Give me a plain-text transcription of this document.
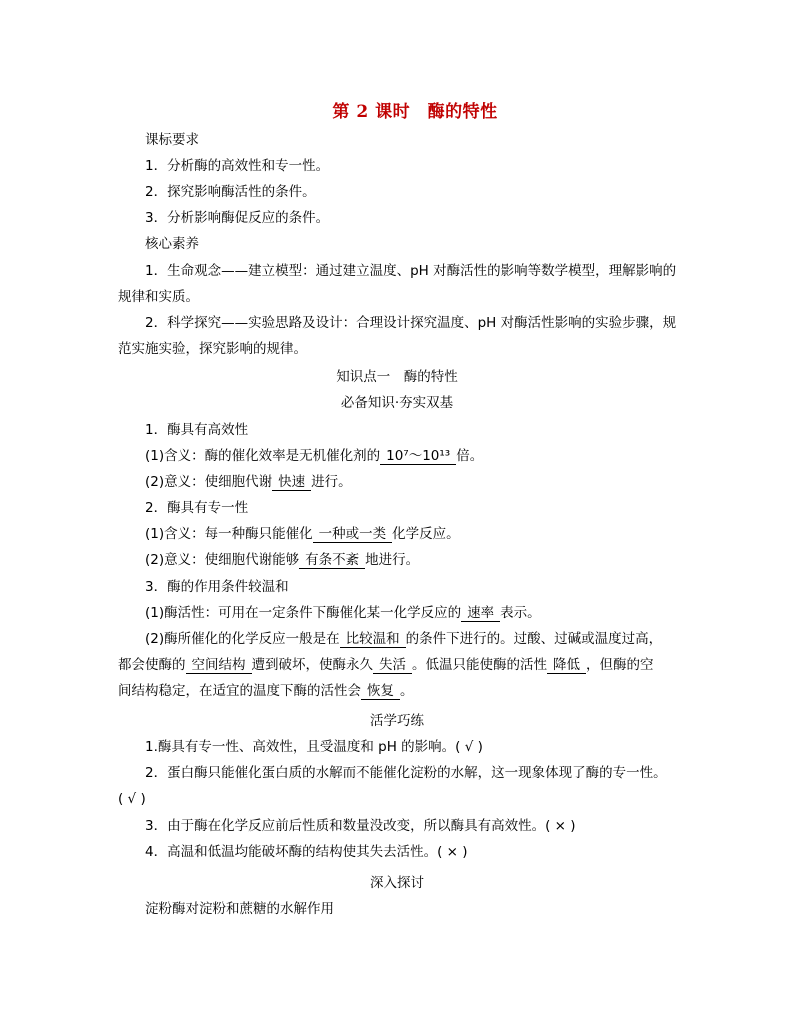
第 2 课时　酶的特性
课标要求
1．分析酶的高效性和专一性。
2．探究影响酶活性的条件。
3．分析影响酶促反应的条件。
核心素养
1．生命观念——建立模型：通过建立温度、pH 对酶活性的影响等数学模型，理解影响的
规律和实质。
2．科学探究——实验思路及设计：合理设计探究温度、pH 对酶活性影响的实验步骤，规
范实施实验，探究影响的规律。
知识点一　酶的特性
必备知识·夯实双基
1．酶具有高效性
(1)含义：酶的催化效率是无机催化剂的 10⁷～10¹³ 倍。
(2)意义：使细胞代谢 快速 进行。
2．酶具有专一性
(1)含义：每一种酶只能催化 一种或一类 化学反应。
(2)意义：使细胞代谢能够 有条不紊 地进行。
3．酶的作用条件较温和
(1)酶活性：可用在一定条件下酶催化某一化学反应的 速率 表示。
(2)酶所催化的化学反应一般是在 比较温和 的条件下进行的。过酸、过碱或温度过高，
都会使酶的 空间结构 遭到破坏，使酶永久 失活 。低温只能使酶的活性 降低 ，但酶的空
间结构稳定，在适宜的温度下酶的活性会 恢复 。
活学巧练
1.酶具有专一性、高效性，且受温度和 pH 的影响。( √ )
2．蛋白酶只能催化蛋白质的水解而不能催化淀粉的水解，这一现象体现了酶的专一性。
( √ )
3．由于酶在化学反应前后性质和数量没改变，所以酶具有高效性。( × )
4．高温和低温均能破坏酶的结构使其失去活性。( × )
深入探讨
淀粉酶对淀粉和蔗糖的水解作用
